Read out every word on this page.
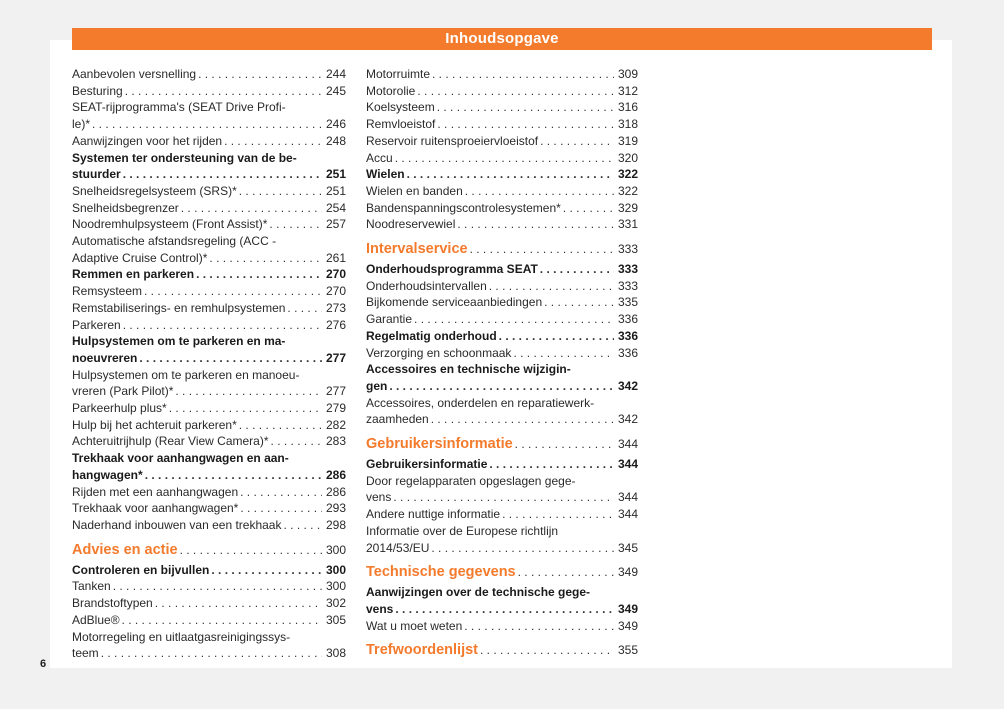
Inhoudsopgave
Aanbevolen versnelling . . .	244
Besturing . . .	245
SEAT-rijprogramma's (SEAT Drive Profi-
le)* . . .	246
Aanwijzingen voor het rijden . . .	248
Systemen ter ondersteuning van de be-
stuurder . . .	251
Snelheidsregelsysteem (SRS)* . . .	251
Snelheidsbegrenzer . . .	254
Noodremhulpsysteem (Front Assist)* . . .	257
Automatische afstandsregeling (ACC -
Adaptive Cruise Control)* . . .	261
Remmen en parkeren . . .	270
Remsysteem . . .	270
Remstabiliserings- en remhulpsystemen . . .	273
Parkeren . . .	276
Hulpsystemen om te parkeren en ma-
noeuvreren . . .	277
Hulpsystemen om te parkeren en manoeu-
vreren (Park Pilot)* . . .	277
Parkeerhulp plus* . . .	279
Hulp bij het achteruit parkeren* . . .	282
Achteruitrijhulp (Rear View Camera)* . . .	283
Trekhaak voor aanhangwagen en aan-
hangwagen* . . .	286
Rijden met een aanhangwagen . . .	286
Trekhaak voor aanhangwagen* . . .	293
Naderhand inbouwen van een trekhaak . . .	298
Advies en actie . . .	300
Controleren en bijvullen . . .	300
Tanken . . .	300
Brandstoftypen . . .	302
AdBlue® . . .	305
Motorregeling en uitlaatgasreinigingssys-
teem . . .	308
Motorruimte . . .	309
Motorolie . . .	312
Koelsysteem . . .	316
Remvloeistof . . .	318
Reservoir ruitensproeiervloeistof . . .	319
Accu . . .	320
Wielen . . .	322
Wielen en banden . . .	322
Bandenspanningscontrolesystemen* . . .	329
Noodreservewiel . . .	331
Intervalservice . . .	333
Onderhoudsprogramma SEAT . . .	333
Onderhoudsintervallen . . .	333
Bijkomende serviceaanbiedingen . . .	335
Garantie . . .	336
Regelmatig onderhoud . . .	336
Verzorging en schoonmaak . . .	336
Accessoires en technische wijzigin-
gen . . .	342
Accessoires, onderdelen en reparatiewerk-
zaamheden . . .	342
Gebruikersinformatie . . .	344
Gebruikersinformatie . . .	344
Door regelapparaten opgeslagen gege-
vens . . .	344
Andere nuttige informatie . . .	344
Informatie over de Europese richtlijn
2014/53/EU . . .	345
Technische gegevens . . .	349
Aanwijzingen over de technische gege-
vens . . .	349
Wat u moet weten . . .	349
Trefwoordenlijst . . .	355
6
